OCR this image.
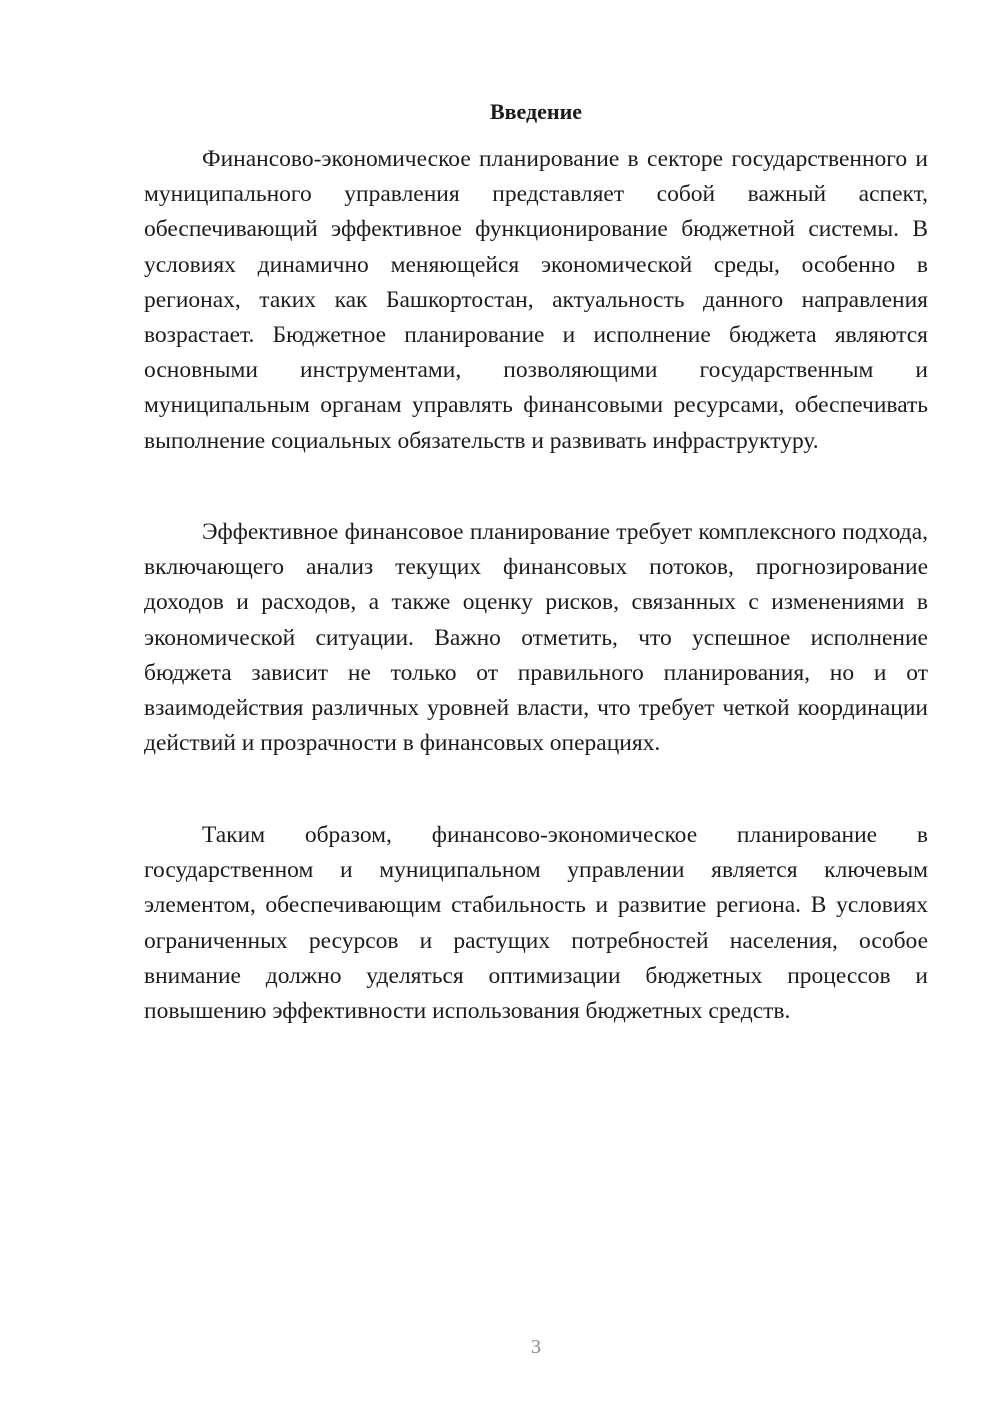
Введение

Финансово-экономическое планирование в секторе государственного и муниципального управления представляет собой важный аспект, обеспечивающий эффективное функционирование бюджетной системы. В условиях динамично меняющейся экономической среды, особенно в регионах, таких как Башкортостан, актуальность данного направления возрастает. Бюджетное планирование и исполнение бюджета являются основными инструментами, позволяющими государственным и муниципальным органам управлять финансовыми ресурсами, обеспечивать выполнение социальных обязательств и развивать инфраструктуру.

Эффективное финансовое планирование требует комплексного подхода, включающего анализ текущих финансовых потоков, прогнозирование доходов и расходов, а также оценку рисков, связанных с изменениями в экономической ситуации. Важно отметить, что успешное исполнение бюджета зависит не только от правильного планирования, но и от взаимодействия различных уровней власти, что требует четкой координации действий и прозрачности в финансовых операциях.

Таким образом, финансово-экономическое планирование в государственном и муниципальном управлении является ключевым элементом, обеспечивающим стабильность и развитие региона. В условиях ограниченных ресурсов и растущих потребностей населения, особое внимание должно уделяться оптимизации бюджетных процессов и повышению эффективности использования бюджетных средств.

3
